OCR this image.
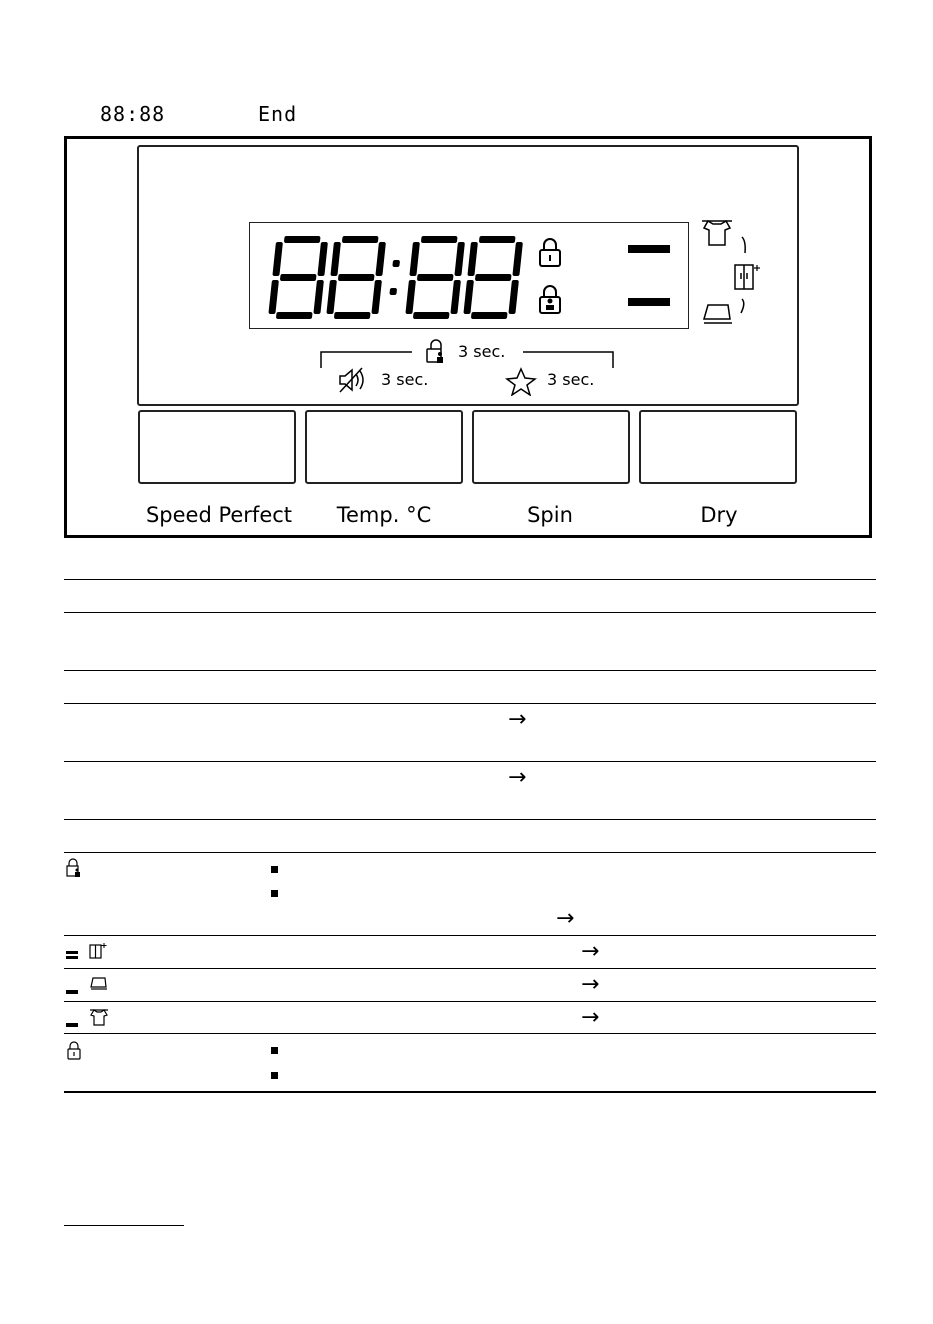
88:88	End
3 sec.
3 sec.	3 sec.
Speed Perfect	Temp. °C	Spin	Dry
→
→
→
→
→
→
